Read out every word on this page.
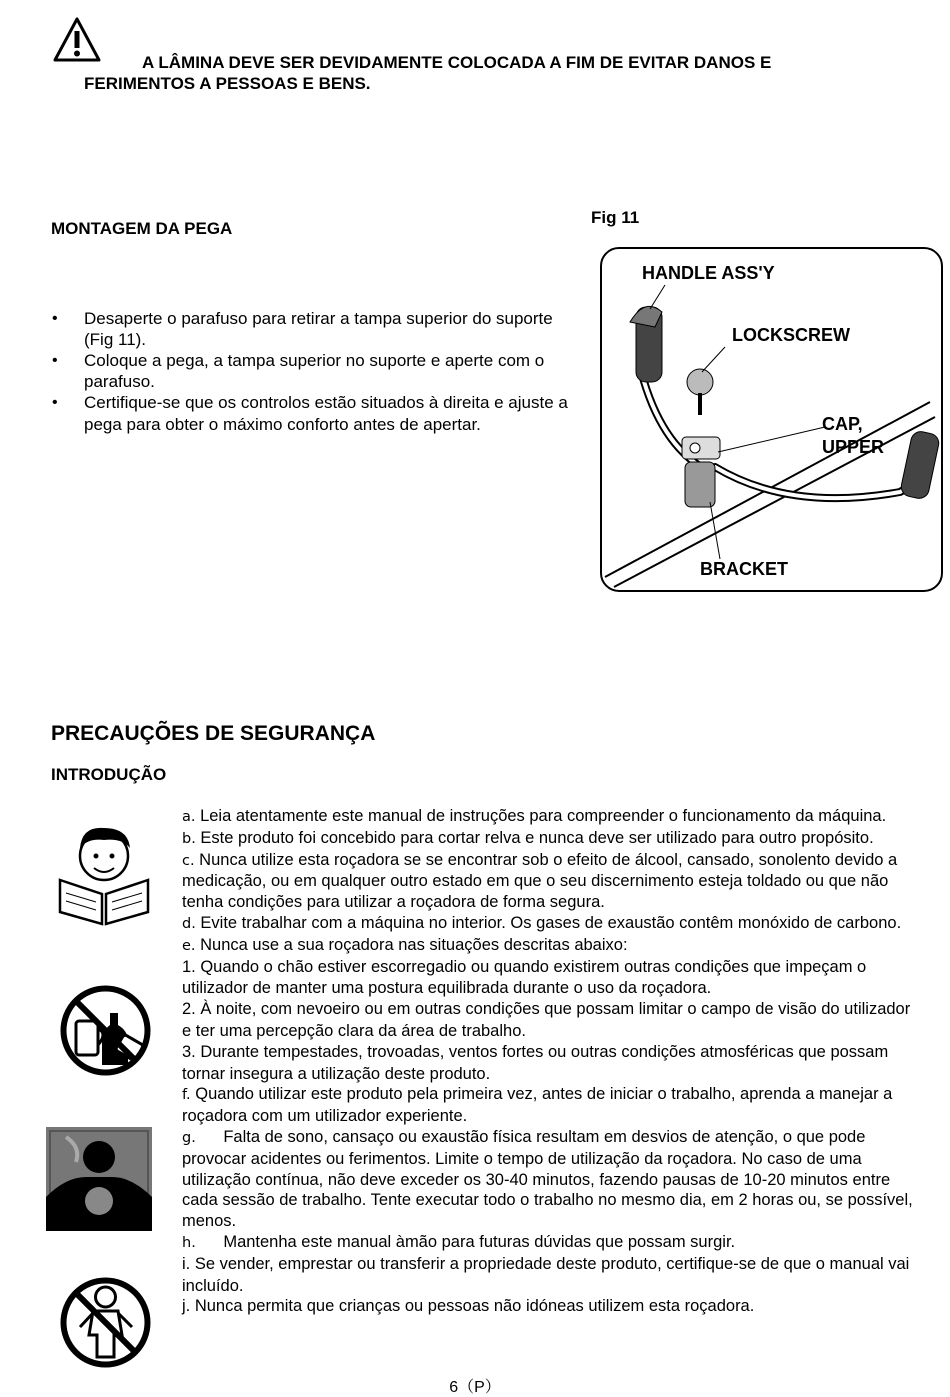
A LÂMINA DEVE SER DEVIDAMENTE COLOCADA A FIM DE EVITAR DANOS E
FERIMENTOS A PESSOAS E BENS.
MONTAGEM DA PEGA
Fig 11
• Desaperte o parafuso para retirar a tampa superior do suporte (Fig 11).
• Coloque a pega, a tampa superior no suporte e aperte com o parafuso.
• Certifique-se que os controlos estão situados à direita e ajuste a pega para obter o máximo conforto antes de apertar.
HANDLE ASS'Y
LOCKSCREW
CAP,
UPPER
BRACKET
PRECAUÇÕES DE SEGURANÇA
INTRODUÇÃO

a. Leia atentamente este manual de instruções para compreender o funcionamento da máquina.

b. Este produto foi concebido para cortar relva e nunca deve ser utilizado para outro propósito.

c. Nunca utilize esta roçadora se se encontrar sob o efeito de álcool, cansado, sonolento devido a medicação, ou em qualquer outro estado em que o seu discernimento esteja toldado ou que não tenha condições para utilizar a roçadora de forma segura.

d. Evite trabalhar com a máquina no interior. Os gases de exaustão contêm monóxido de carbono.

e. Nunca use a sua roçadora nas situações descritas abaixo:

1. Quando o chão estiver escorregadio ou quando existirem outras condições que impeçam o utilizador de manter uma postura equilibrada durante o uso da roçadora.

2. À noite, com nevoeiro ou em outras condições que possam limitar o campo de visão do utilizador e ter uma percepção clara da área de trabalho.

3. Durante tempestades, trovoadas, ventos fortes ou outras condições atmosféricas que possam tornar insegura a utilização deste produto.

f. Quando utilizar este produto pela primeira vez, antes de iniciar o trabalho, aprenda a manejar a roçadora com um utilizador experiente.

g.      Falta de sono, cansaço ou exaustão física resultam em desvios de atenção, o que pode provocar acidentes ou ferimentos. Limite o tempo de utilização da roçadora. No caso de uma utilização contínua, não deve exceder os 30-40 minutos, fazendo pausas de 10-20 minutos entre cada sessão de trabalho. Tente executar todo o trabalho no mesmo dia, em 2 horas ou, se possível, menos.

h.      Mantenha este manual àmão para futuras dúvidas que possam surgir.

i. Se vender, emprestar ou transferir a propriedade deste produto, certifique-se de que o manual vai incluído.

j. Nunca permita que crianças ou pessoas não idóneas utilizem esta roçadora.

6（P）
